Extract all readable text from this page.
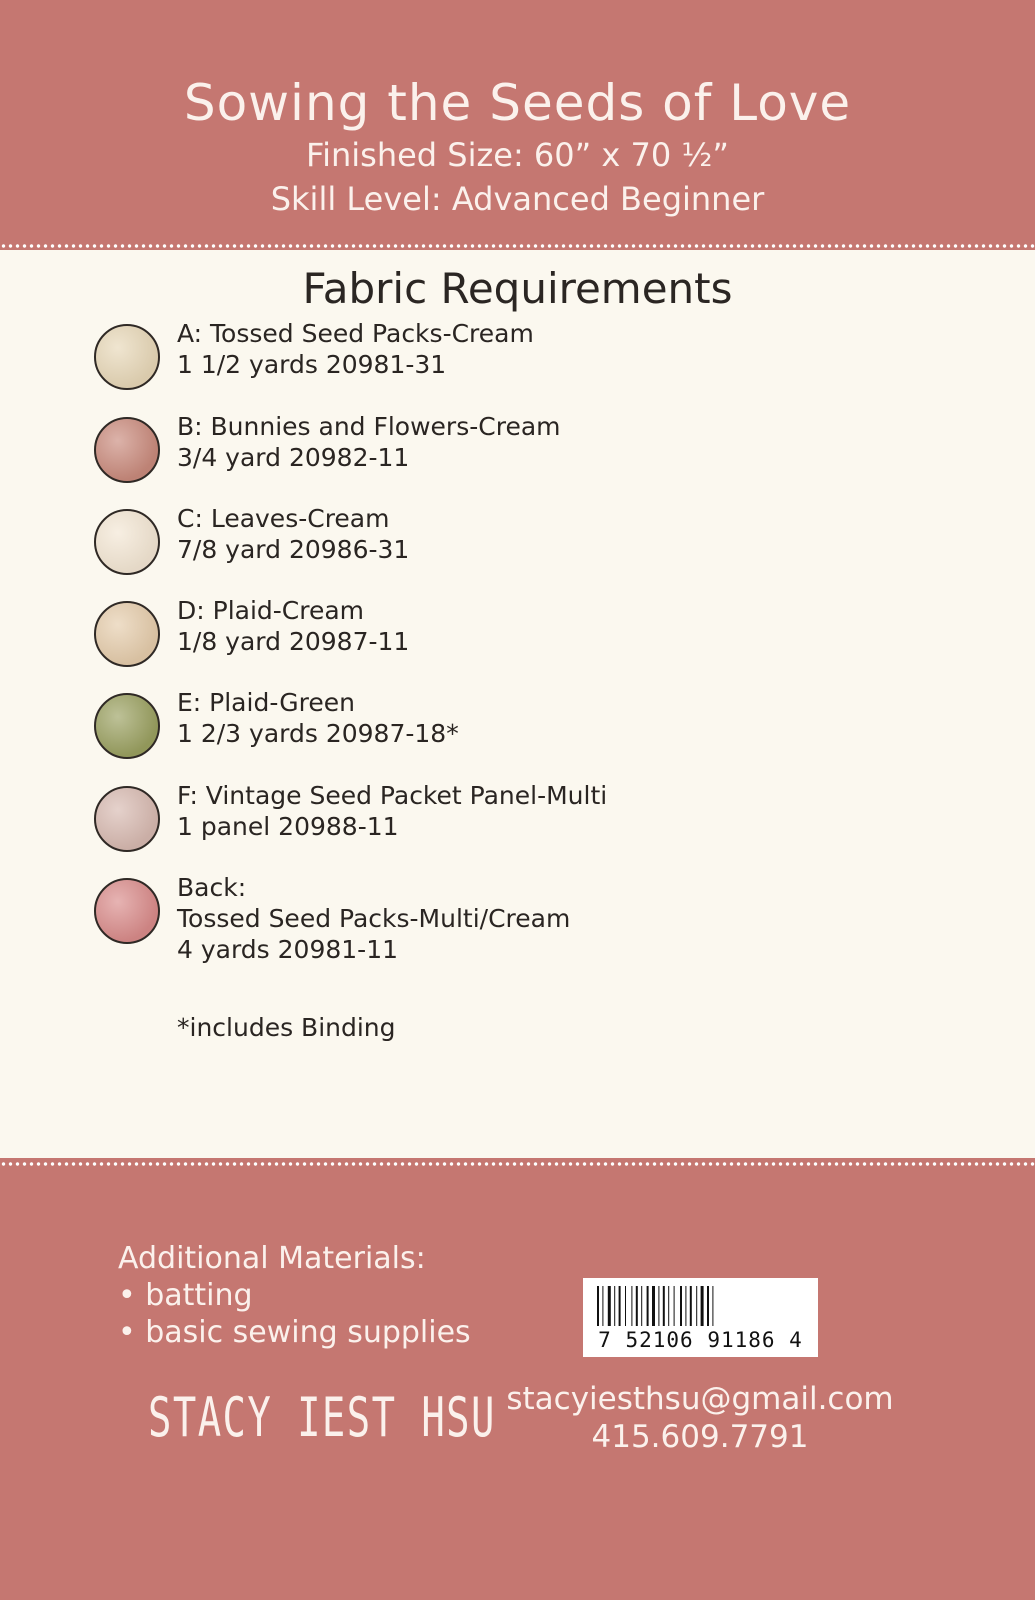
Sowing the Seeds of Love
Finished Size: 60” x 70 ½”
Skill Level: Advanced Beginner
Fabric Requirements
A: Tossed Seed Packs-Cream
1 1/2 yards 20981-31
B: Bunnies and Flowers-Cream
3/4 yard 20982-11
C: Leaves-Cream
7/8 yard 20986-31
D: Plaid-Cream
1/8 yard 20987-11
E: Plaid-Green
1 2/3 yards 20987-18*
F: Vintage Seed Packet Panel-Multi
1 panel 20988-11
Back:
Tossed Seed Packs-Multi/Cream
4 yards 20981-11
*includes Binding
Additional Materials:
• batting
• basic sewing supplies
STACY IEST HSU
7 52106 91186 4
stacyiesthsu@gmail.com
415.609.7791
